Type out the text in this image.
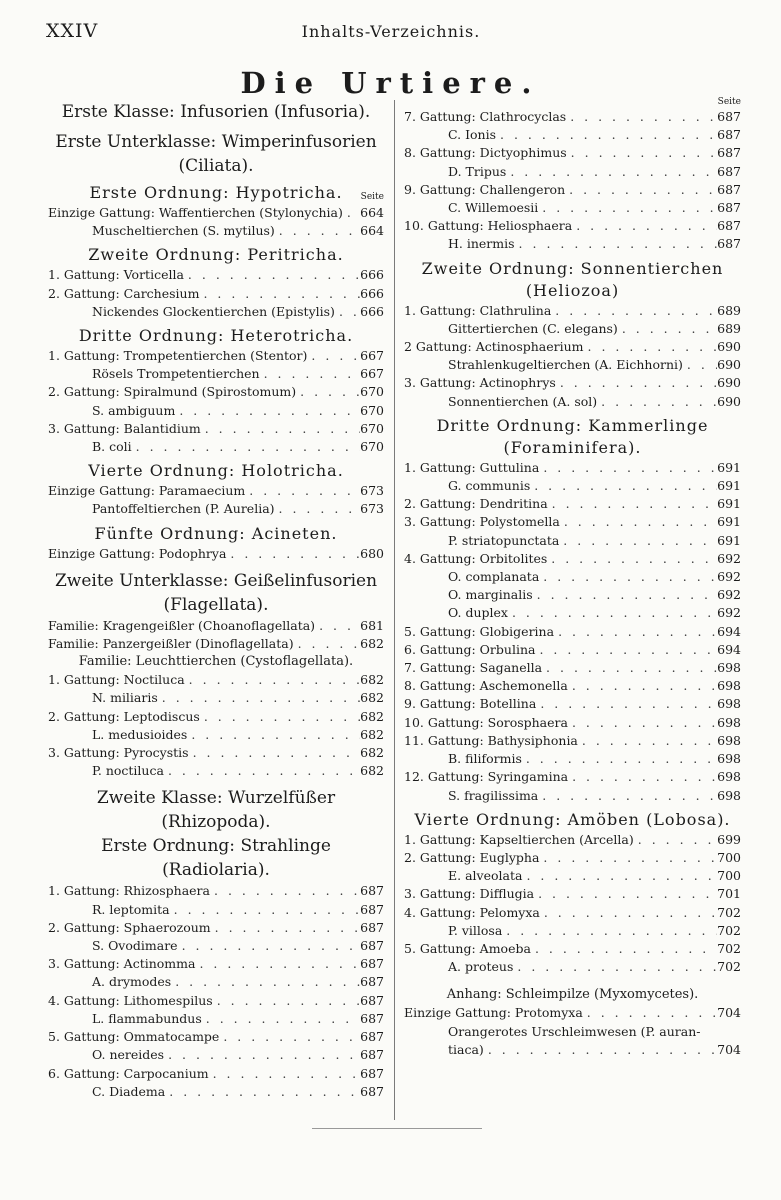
XXIV	Inhalts-Verzeichnis.
Die Urtiere.

Erste Klasse: Infusorien (Infusoria).

Erste Unterklasse: Wimperinfusorien

(Ciliata).

Erste Ordnung: Hypotricha.	Seite
Einzige Gattung: Waffentierchen (Stylonychia) . . . 664
Muscheltierchen (S. mytilus) . . .	664

Zweite Ordnung: Peritricha.

1. Gattung: Vorticella . . .	666
2. Gattung: Carchesium . . .	666
Nickendes Glockentierchen (Epistylis) . . . 666

Dritte Ordnung: Heterotricha.

1. Gattung: Trompetentierchen (Stentor) . . .	667
Rösels Trompetentierchen . . .	667
2. Gattung: Spiralmund (Spirostomum) . . .	670
S. ambiguum . . .	670
3. Gattung: Balantidium . . .	670
B. coli . . .	670

Vierte Ordnung: Holotricha.

Einzige Gattung: Paramaecium . . .	673
Pantoffeltierchen (P. Aurelia) . . .	673

Fünfte Ordnung: Acineten.

Einzige Gattung: Podophrya . . .	680

Zweite Unterklasse: Geißelinfusorien

(Flagellata).

Familie: Kragengeißler (Choanoflagellata) . . .	681
Familie: Panzergeißler (Dinoflagellata) . . .	682

Familie: Leuchttierchen (Cystoflagellata).

1. Gattung: Noctiluca . . .	682
N. miliaris . . .	682
2. Gattung: Leptodiscus . . .	682
L. medusioides . . .	682
3. Gattung: Pyrocystis . . .	682
P. noctiluca . . .	682

Zweite Klasse: Wurzelfüßer (Rhizopoda).

Erste Ordnung: Strahlinge (Radiolaria).

1. Gattung: Rhizosphaera . . .	687
R. leptomita . . .	687
2. Gattung: Sphaerozoum . . .	687
S. Ovodimare . . .	687
3. Gattung: Actinomma . . .	687
A. drymodes . . .	687
4. Gattung: Lithomespilus . . .	687
L. flammabundus . . .	687
5. Gattung: Ommatocampe . . .	687
O. nereides . . .	687
6. Gattung: Carpocanium . . .	687
C. Diadema . . .	687
Seite
7. Gattung: Clathrocyclas . . .	687
C. Ionis . . .	687
8. Gattung: Dictyophimus . . .	687
D. Tripus . . .	687
9. Gattung: Challengeron . . .	687
C. Willemoesii . . .	687
10. Gattung: Heliosphaera . . .	687
H. inermis . . .	687

Zweite Ordnung: Sonnentierchen

(Heliozoa)

1. Gattung: Clathrulina . . .	689
Gittertierchen (C. elegans) . . .	689
2 Gattung: Actinosphaerium . . .	690
Strahlenkugeltierchen (A. Eichhorni) . . .	690
3. Gattung: Actinophrys . . .	690
Sonnentierchen (A. sol) . . .	690

Dritte Ordnung: Kammerlinge

(Foraminifera).

1. Gattung: Guttulina . . .	691
G. communis . . .	691
2. Gattung: Dendritina . . .	691
3. Gattung: Polystomella . . .	691
P. striatopunctata . . .	691
4. Gattung: Orbitolites . . .	692
O. complanata . . .	692
O. marginalis . . .	692
O. duplex . . .	692
5. Gattung: Globigerina . . .	694
6. Gattung: Orbulina . . .	694
7. Gattung: Saganella . . .	698
8. Gattung: Aschemonella . . .	698
9. Gattung: Botellina . . .	698
10. Gattung: Sorosphaera . . .	698
11. Gattung: Bathysiphonia . . .	698
B. filiformis . . .	698
12. Gattung: Syringamina . . .	698
S. fragilissima . . .	698

Vierte Ordnung: Amöben (Lobosa).

1. Gattung: Kapseltierchen (Arcella) . . .	699
2. Gattung: Euglypha . . .	700
E. alveolata . . .	700
3. Gattung: Difflugia . . .	701
4. Gattung: Pelomyxa . . .	702
P. villosa . . .	702
5. Gattung: Amoeba . . .	702
A. proteus . . .	702

Anhang: Schleimpilze (Myxomycetes).

Einzige Gattung: Protomyxa . . .	704
Orangerotes Urschleimwesen (P. auran-
tiaca) . . .	704
